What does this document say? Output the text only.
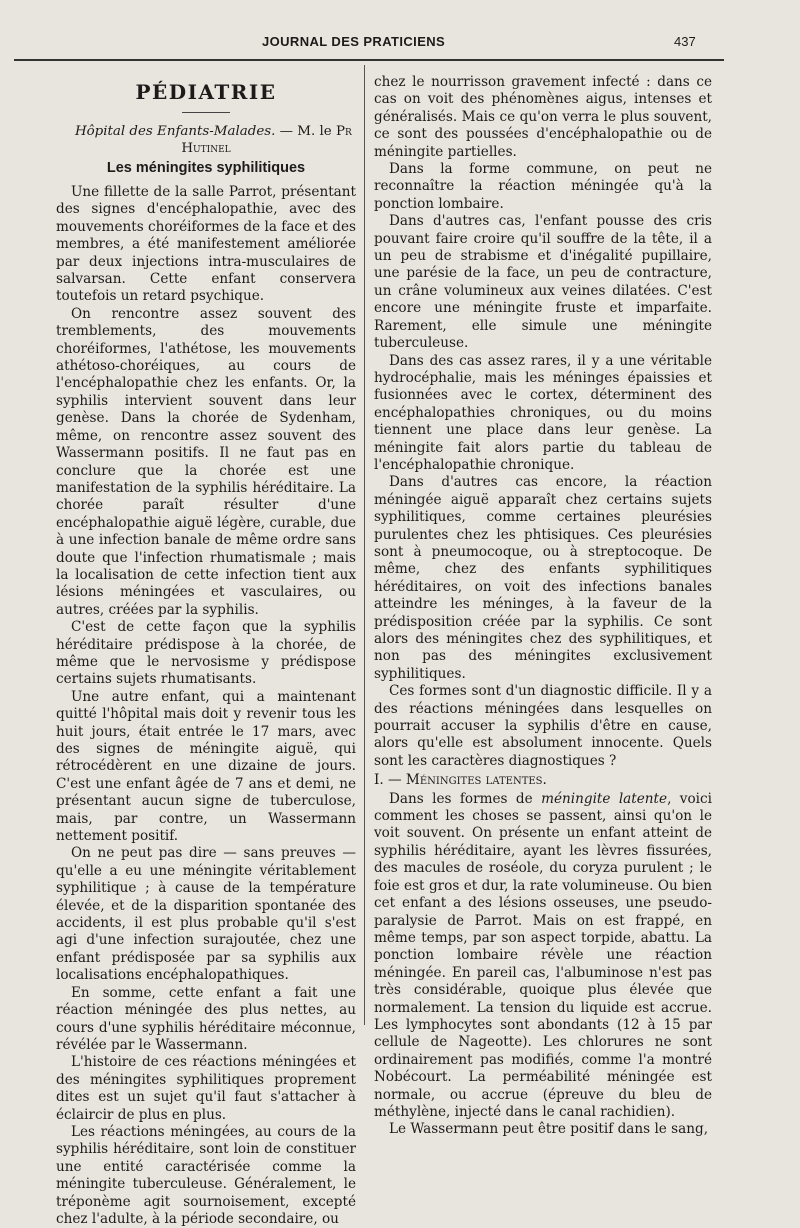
JOURNAL DES PRATICIENS	437
PÉDIATRIE

Hôpital des Enfants-Malades. — M. le Pr Hutinel

Les méningites syphilitiques

Une fillette de la salle Parrot, présentant des signes d'encéphalopathie, avec des mouvements choréiformes de la face et des membres, a été manifestement améliorée par deux injections intra-musculaires de salvarsan. Cette enfant conservera toutefois un retard psychique.

On rencontre assez souvent des tremblements, des mouvements choréiformes, l'athétose, les mouvements athétoso-choréiques, au cours de l'encéphalopathie chez les enfants. Or, la syphilis intervient souvent dans leur genèse. Dans la chorée de Sydenham, même, on rencontre assez souvent des Wassermann positifs. Il ne faut pas en conclure que la chorée est une manifestation de la syphilis héréditaire. La chorée paraît résulter d'une encéphalopathie aiguë légère, curable, due à une infection banale de même ordre sans doute que l'infection rhumatismale ; mais la localisation de cette infection tient aux lésions méningées et vasculaires, ou autres, créées par la syphilis.

C'est de cette façon que la syphilis héréditaire prédispose à la chorée, de même que le nervosisme y prédispose certains sujets rhumatisants.

Une autre enfant, qui a maintenant quitté l'hôpital mais doit y revenir tous les huit jours, était entrée le 17 mars, avec des signes de méningite aiguë, qui rétrocédèrent en une dizaine de jours. C'est une enfant âgée de 7 ans et demi, ne présentant aucun signe de tuberculose, mais, par contre, un Wassermann nettement positif.

On ne peut pas dire — sans preuves — qu'elle a eu une méningite véritablement syphilitique ; à cause de la température élevée, et de la disparition spontanée des accidents, il est plus probable qu'il s'est agi d'une infection surajoutée, chez une enfant prédisposée par sa syphilis aux localisations encéphalopathiques.

En somme, cette enfant a fait une réaction méningée des plus nettes, au cours d'une syphilis héréditaire méconnue, révélée par le Wassermann.

L'histoire de ces réactions méningées et des méningites syphilitiques proprement dites est un sujet qu'il faut s'attacher à éclaircir de plus en plus.

Les réactions méningées, au cours de la syphilis héréditaire, sont loin de constituer une entité caractérisée comme la méningite tuberculeuse. Généralement, le tréponème agit sournoisement, excepté chez l'adulte, à la période secondaire, ou

chez le nourrisson gravement infecté : dans ce cas on voit des phénomènes aigus, intenses et généralisés. Mais ce qu'on verra le plus souvent, ce sont des poussées d'encéphalopathie ou de méningite partielles.

Dans la forme commune, on peut ne reconnaître la réaction méningée qu'à la ponction lombaire.

Dans d'autres cas, l'enfant pousse des cris pouvant faire croire qu'il souffre de la tête, il a un peu de strabisme et d'inégalité pupillaire, une parésie de la face, un peu de contracture, un crâne volumineux aux veines dilatées. C'est encore une méningite fruste et imparfaite. Rarement, elle simule une méningite tuberculeuse.

Dans des cas assez rares, il y a une véritable hydrocéphalie, mais les méninges épaissies et fusionnées avec le cortex, déterminent des encéphalopathies chroniques, ou du moins tiennent une place dans leur genèse. La méningite fait alors partie du tableau de l'encéphalopathie chronique.

Dans d'autres cas encore, la réaction méningée aiguë apparaît chez certains sujets syphilitiques, comme certaines pleurésies purulentes chez les phtisiques. Ces pleurésies sont à pneumocoque, ou à streptocoque. De même, chez des enfants syphilitiques héréditaires, on voit des infections banales atteindre les méninges, à la faveur de la prédisposition créée par la syphilis. Ce sont alors des méningites chez des syphilitiques, et non pas des méningites exclusivement syphilitiques.

Ces formes sont d'un diagnostic difficile. Il y a des réactions méningées dans lesquelles on pourrait accuser la syphilis d'être en cause, alors qu'elle est absolument innocente. Quels sont les caractères diagnostiques ?

I. — Méningites latentes.

Dans les formes de méningite latente, voici comment les choses se passent, ainsi qu'on le voit souvent. On présente un enfant atteint de syphilis héréditaire, ayant les lèvres fissurées, des macules de roséole, du coryza purulent ; le foie est gros et dur, la rate volumineuse. Ou bien cet enfant a des lésions osseuses, une pseudo-paralysie de Parrot. Mais on est frappé, en même temps, par son aspect torpide, abattu. La ponction lombaire révèle une réaction méningée. En pareil cas, l'albuminose n'est pas très considérable, quoique plus élevée que normalement. La tension du liquide est accrue. Les lymphocytes sont abondants (12 à 15 par cellule de Nageotte). Les chlorures ne sont ordinairement pas modifiés, comme l'a montré Nobécourt. La perméabilité méningée est normale, ou accrue (épreuve du bleu de méthylène, injecté dans le canal rachidien).

Le Wassermann peut être positif dans le sang,
